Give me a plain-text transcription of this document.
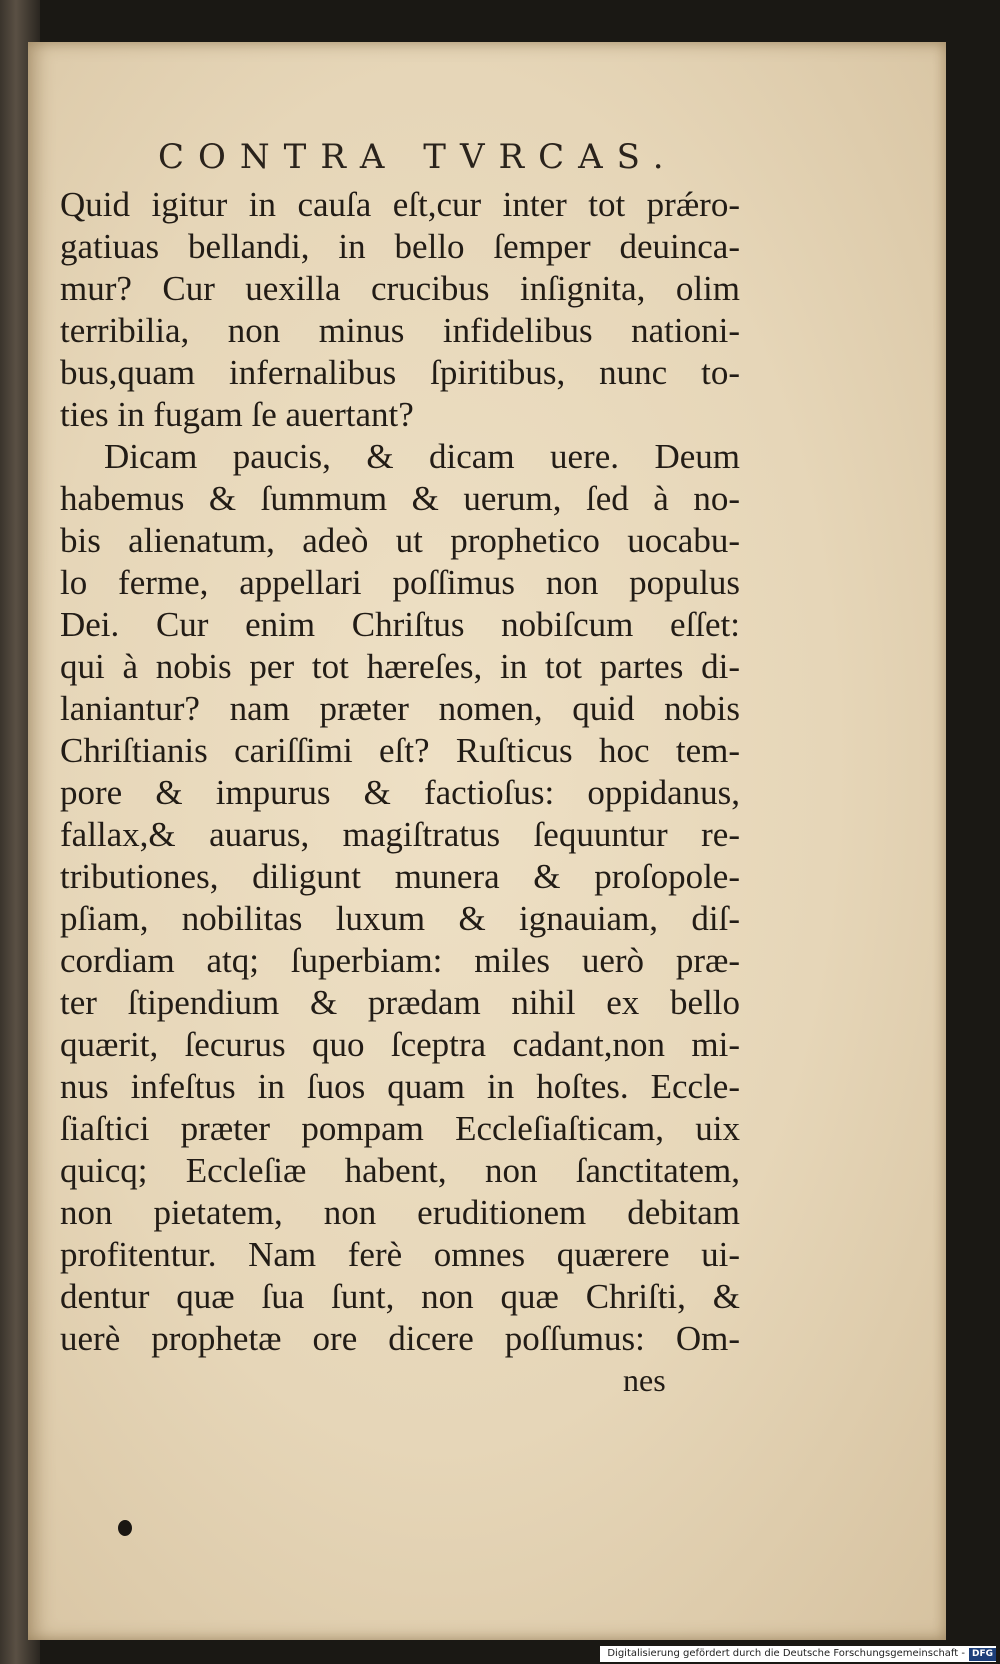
CONTRA TVRCAS.
Quid igitur in cauſa eſt,cur inter tot prǽro-
gatiuas bellandi, in bello ſemper deuinca-
mur? Cur uexilla crucibus inſignita, olim
terribilia, non minus infidelibus nationi-
bus,quam infernalibus ſpiritibus, nunc to-
ties in fugam ſe auertant?
Dicam paucis, & dicam uere. Deum
habemus & ſummum & uerum, ſed à no-
bis alienatum, adeò ut prophetico uocabu-
lo ferme, appellari poſſimus non populus
Dei. Cur enim Chriſtus nobiſcum eſſet:
qui à nobis per tot hæreſes, in tot partes di-
laniantur? nam præter nomen, quid nobis
Chriſtianis cariſſimi eſt? Ruſticus hoc tem-
pore & impurus & factioſus: oppidanus,
fallax,& auarus, magiſtratus ſequuntur re-
tributiones, diligunt munera & proſopole-
pſiam, nobilitas luxum & ignauiam, diſ-
cordiam atq; ſuperbiam: miles uerò præ-
ter ſtipendium & prædam nihil ex bello
quærit, ſecurus quo ſceptra cadant,non mi-
nus infeſtus in ſuos quam in hoſtes. Eccle-
ſiaſtici præter pompam Eccleſiaſticam, uix
quicq; Eccleſiæ habent, non ſanctitatem,
non pietatem, non eruditionem debitam
profitentur. Nam ferè omnes quærere ui-
dentur quæ ſua ſunt, non quæ Chriſti, &
uerè prophetæ ore dicere poſſumus: Om-
nes
Digitalisierung gefördert durch die Deutsche Forschungsgemeinschaft - DFG
